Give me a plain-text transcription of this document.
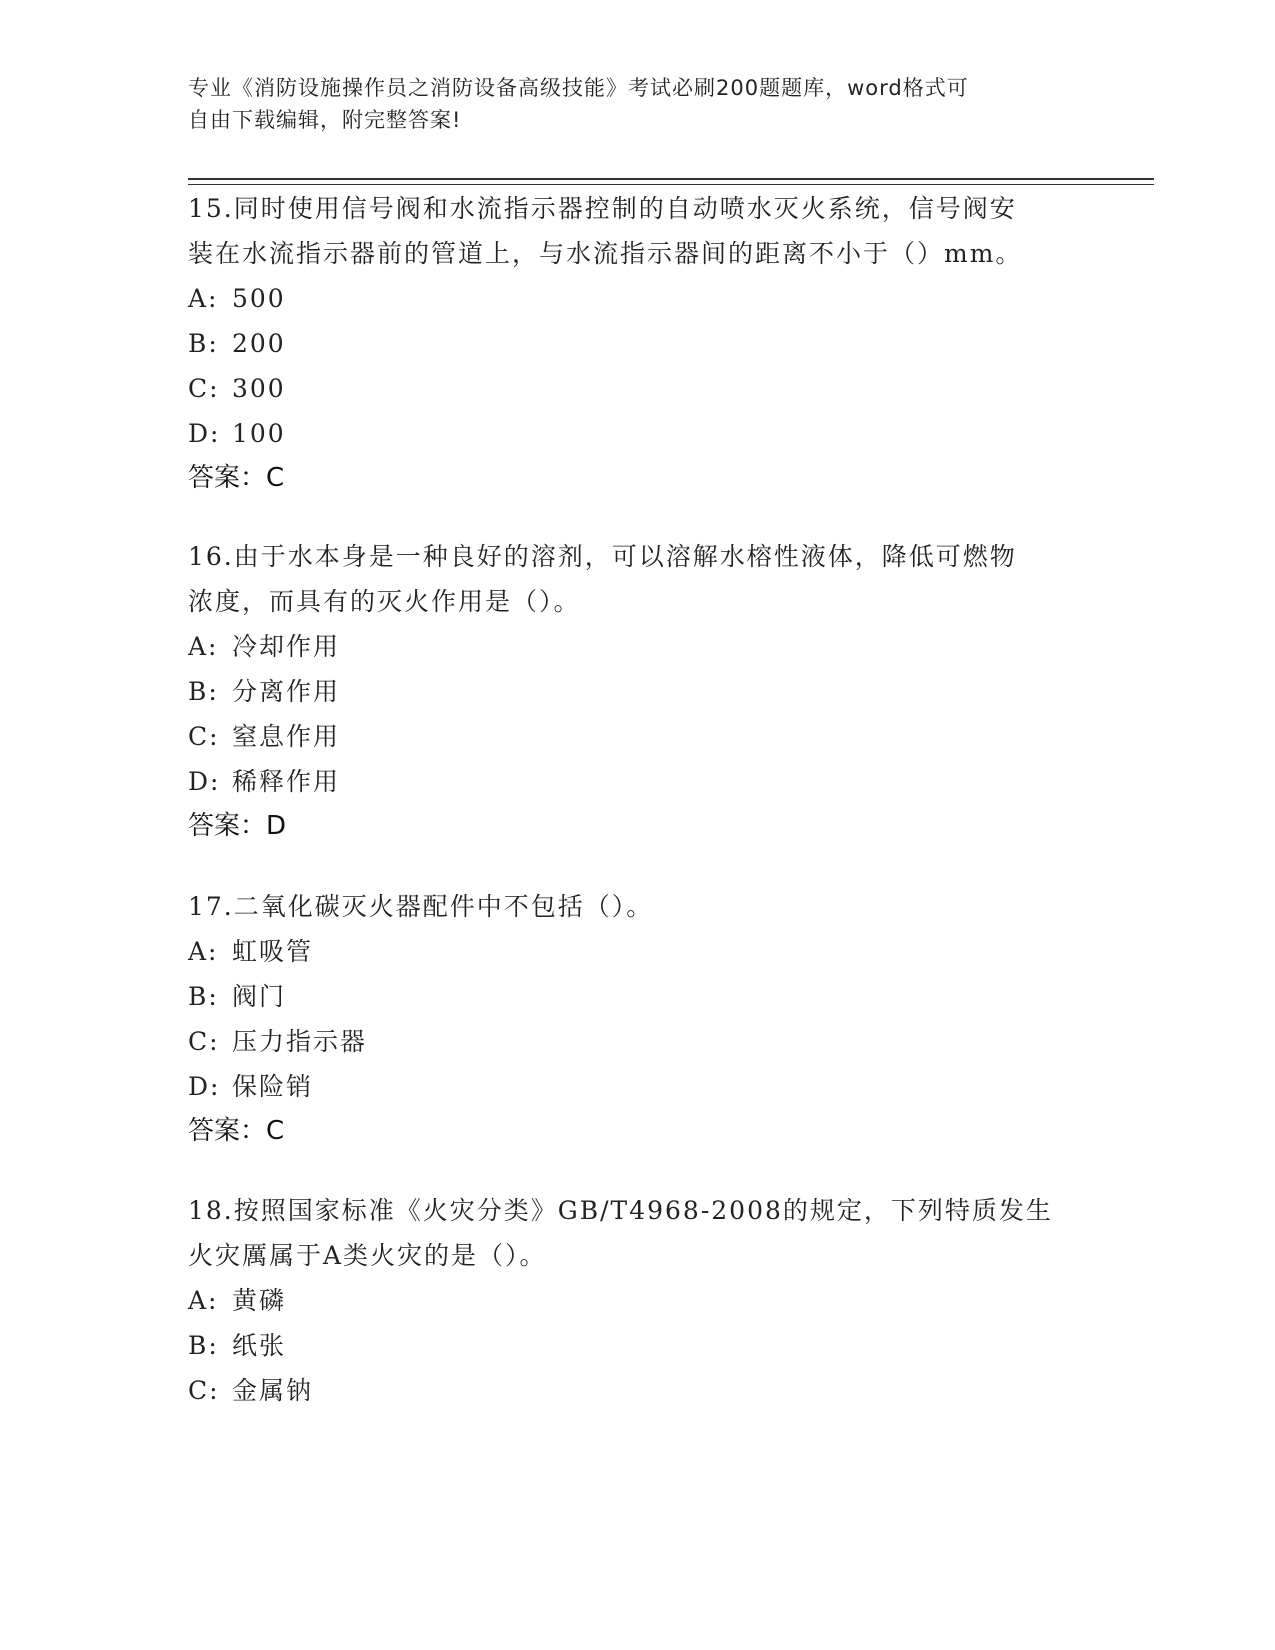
专业《消防设施操作员之消防设备高级技能》考试必刷200题题库，word格式可
自由下载编辑，附完整答案!
15.同时使用信号阀和水流指示器控制的自动喷水灭火系统，信号阀安
装在水流指示器前的管道上，与水流指示器间的距离不小于（）mm。
A: 500
B: 200
C: 300
D: 100
答案：C
16.由于水本身是一种良好的溶剂，可以溶解水榕性液体，降低可燃物
浓度，而具有的灭火作用是（）。
A: 冷却作用
B: 分离作用
C: 窒息作用
D: 稀释作用
答案：D
17.二氧化碳灭火器配件中不包括（）。
A: 虹吸管
B: 阀门
C: 压力指示器
D: 保险销
答案：C
18.按照国家标准《火灾分类》GB/T4968-2008的规定，下列特质发生
火灾厲属于A类火灾的是（）。
A: 黄磷
B: 纸张
C: 金属钠
